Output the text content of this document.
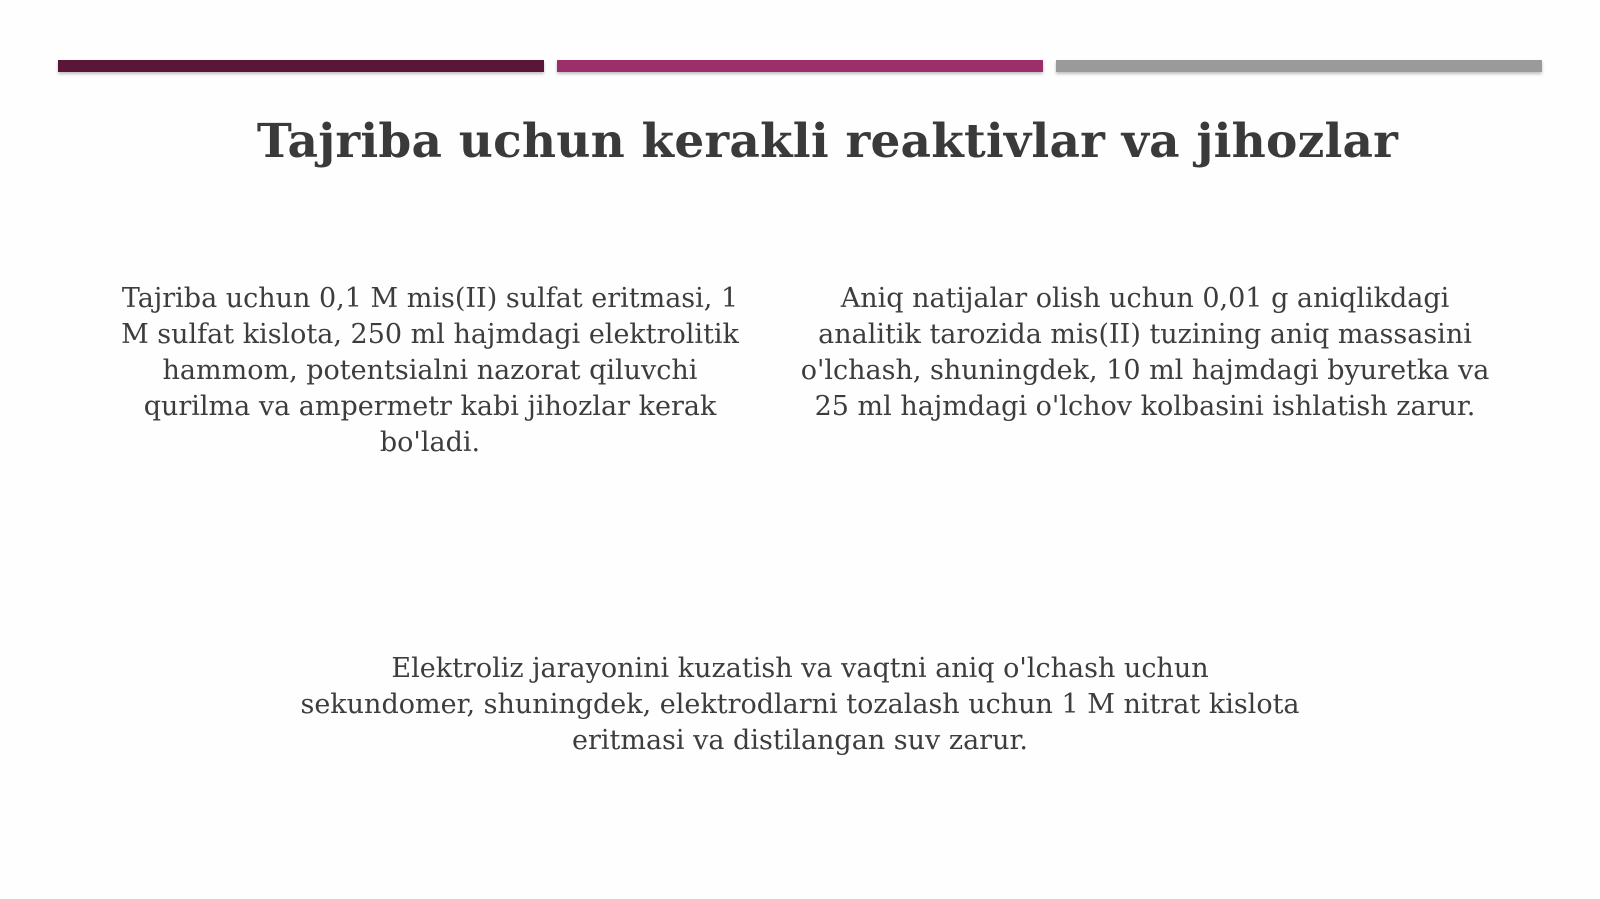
Tajriba uchun kerakli reaktivlar va jihozlar

Tajriba uchun 0,1 M mis(II) sulfat eritmasi, 1 M sulfat kislota, 250 ml hajmdagi elektrolitik hammom, potentsialni nazorat qiluvchi qurilma va ampermetr kabi jihozlar kerak bo'ladi.

Aniq natijalar olish uchun 0,01 g aniqlikdagi analitik tarozida mis(II) tuzining aniq massasini o'lchash, shuningdek, 10 ml hajmdagi byuretka va 25 ml hajmdagi o'lchov kolbasini ishlatish zarur.

Elektroliz jarayonini kuzatish va vaqtni aniq o'lchash uchun sekundomer, shuningdek, elektrodlarni tozalash uchun 1 M nitrat kislota eritmasi va distilangan suv zarur.
